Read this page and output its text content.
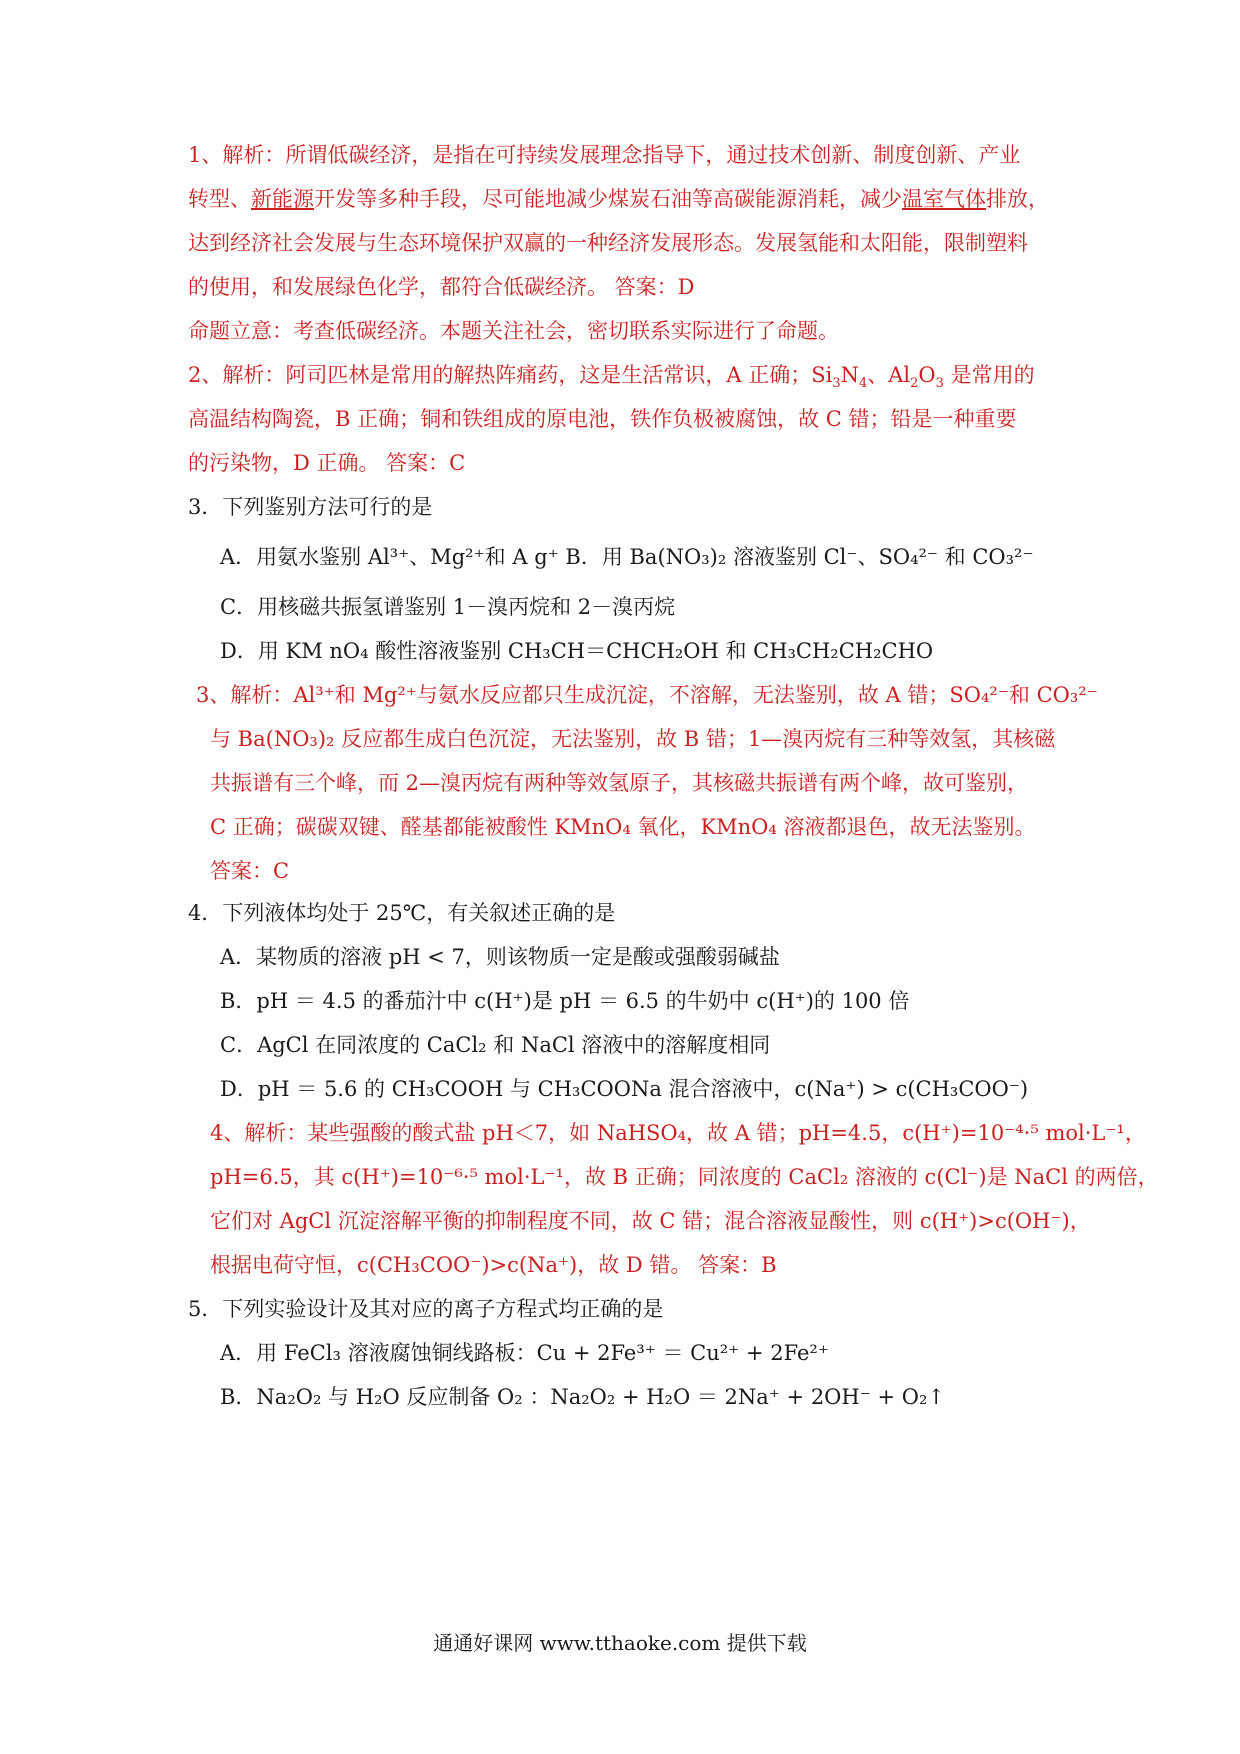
1、解析：所谓低碳经济，是指在可持续发展理念指导下，通过技术创新、制度创新、产业
转型、新能源开发等多种手段，尽可能地减少煤炭石油等高碳能源消耗，减少温室气体排放，
达到经济社会发展与生态环境保护双赢的一种经济发展形态。发展氢能和太阳能，限制塑料
的使用，和发展绿色化学，都符合低碳经济。 答案：D
命题立意：考查低碳经济。本题关注社会，密切联系实际进行了命题。
2、解析：阿司匹林是常用的解热阵痛药，这是生活常识，A 正确；$Si_3N_4$、$Al_2O_3$ 是常用的
高温结构陶瓷，B 正确；铜和铁组成的原电池，铁作负极被腐蚀，故 C 错；铅是一种重要
的污染物，D 正确。 答案：C
3．下列鉴别方法可行的是
A．用氨水鉴别 Al³⁺、Mg²⁺和 A g⁺ B．用 Ba(NO₃)₂ 溶液鉴别 Cl⁻、SO₄²⁻ 和 CO₃²⁻
C．用核磁共振氢谱鉴别 1－溴丙烷和 2－溴丙烷
D．用 KM nO₄ 酸性溶液鉴别 CH₃CH＝CHCH₂OH 和 CH₃CH₂CH₂CHO
3、解析：Al³⁺和 Mg²⁺与氨水反应都只生成沉淀，不溶解，无法鉴别，故 A 错；SO₄²⁻和 CO₃²⁻
与 Ba(NO₃)₂ 反应都生成白色沉淀，无法鉴别，故 B 错；1—溴丙烷有三种等效氢，其核磁
共振谱有三个峰，而 2—溴丙烷有两种等效氢原子，其核磁共振谱有两个峰，故可鉴别，
C 正确；碳碳双键、醛基都能被酸性 KMnO₄ 氧化，KMnO₄ 溶液都退色，故无法鉴别。
答案：C
4．下列液体均处于 25℃，有关叙述正确的是
A．某物质的溶液 pH < 7，则该物质一定是酸或强酸弱碱盐
B．pH ＝ 4.5 的番茄汁中 c(H⁺)是 pH ＝ 6.5 的牛奶中 c(H⁺)的 100 倍
C．AgCl 在同浓度的 CaCl₂ 和 NaCl 溶液中的溶解度相同
D．pH ＝ 5.6 的 CH₃COOH 与 CH₃COONa 混合溶液中，c(Na⁺) > c(CH₃COO⁻)
4、解析：某些强酸的酸式盐 pH＜7，如 NaHSO₄，故 A 错；pH=4.5，c(H⁺)=10⁻⁴·⁵ mol·L⁻¹，
pH=6.5，其 c(H⁺)=10⁻⁶·⁵ mol·L⁻¹，故 B 正确；同浓度的 CaCl₂ 溶液的 c(Cl⁻)是 NaCl 的两倍，
它们对 AgCl 沉淀溶解平衡的抑制程度不同，故 C 错；混合溶液显酸性，则 c(H⁺)>c(OH⁻)，
根据电荷守恒，c(CH₃COO⁻)>c(Na⁺)，故 D 错。 答案：B
5．下列实验设计及其对应的离子方程式均正确的是
A．用 FeCl₃ 溶液腐蚀铜线路板：Cu + 2Fe³⁺ ＝ Cu²⁺ + 2Fe²⁺
B．Na₂O₂ 与 H₂O 反应制备 O₂ ：Na₂O₂ + H₂O ＝ 2Na⁺ + 2OH⁻ + O₂↑
通通好课网 www.tthaoke.com 提供下载
